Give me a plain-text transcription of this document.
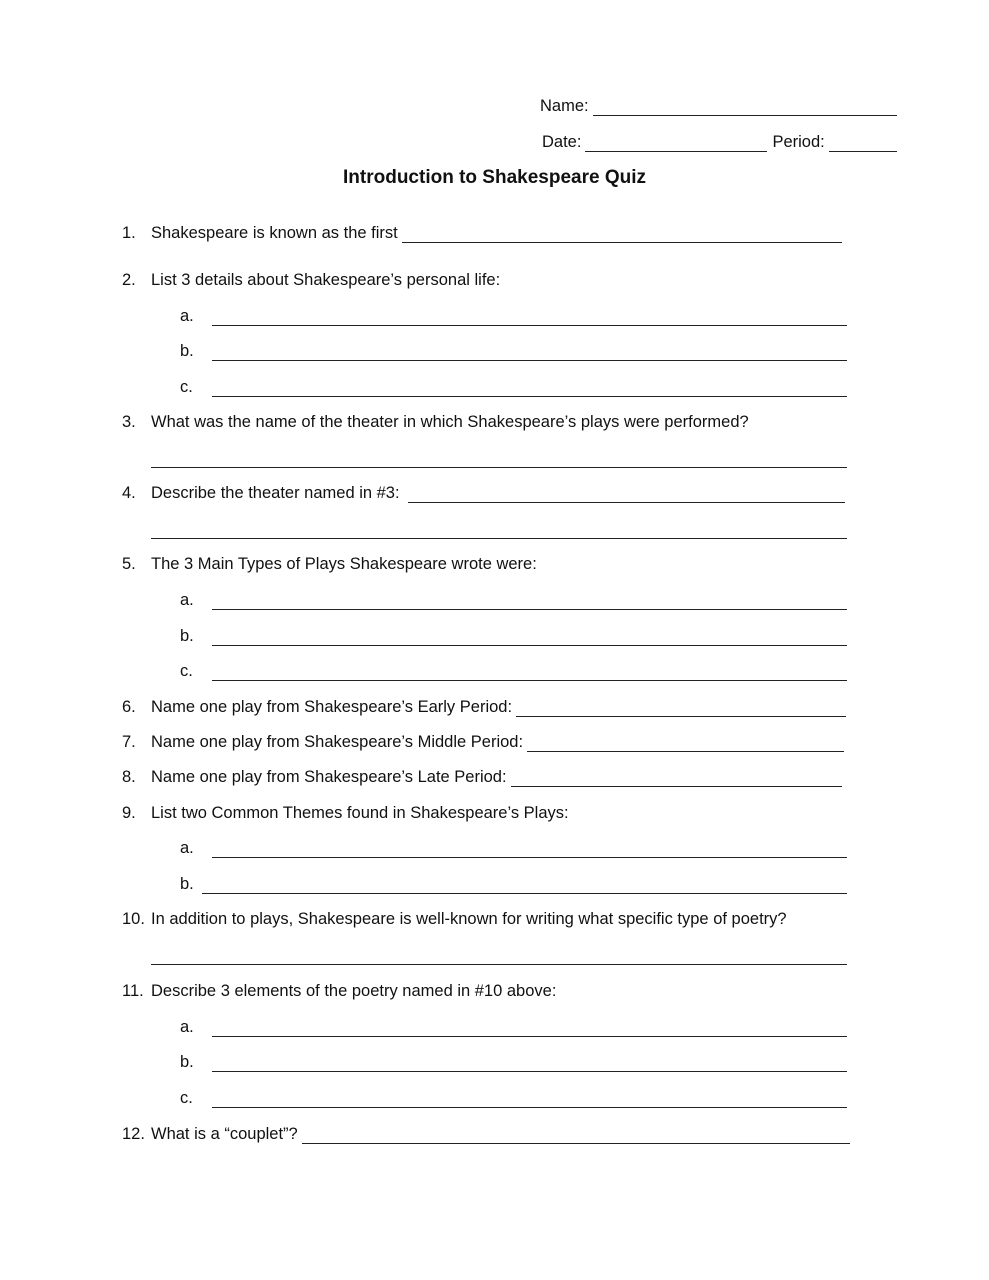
Name:
Date:	Period:
Introduction to Shakespeare Quiz
1. Shakespeare is known as the first
2. List 3 details about Shakespeare’s personal life:
a.
b.
c.
3. What was the name of the theater in which Shakespeare’s plays were performed?
4. Describe the theater named in #3:
5. The 3 Main Types of Plays Shakespeare wrote were:
a.
b.
c.
6. Name one play from Shakespeare’s Early Period:
7. Name one play from Shakespeare’s Middle Period:
8. Name one play from Shakespeare’s Late Period:
9. List two Common Themes found in Shakespeare’s Plays:
a.
b.
10. In addition to plays, Shakespeare is well-known for writing what specific type of poetry?
11. Describe 3 elements of the poetry named in #10 above:
a.
b.
c.
12. What is a “couplet”?
